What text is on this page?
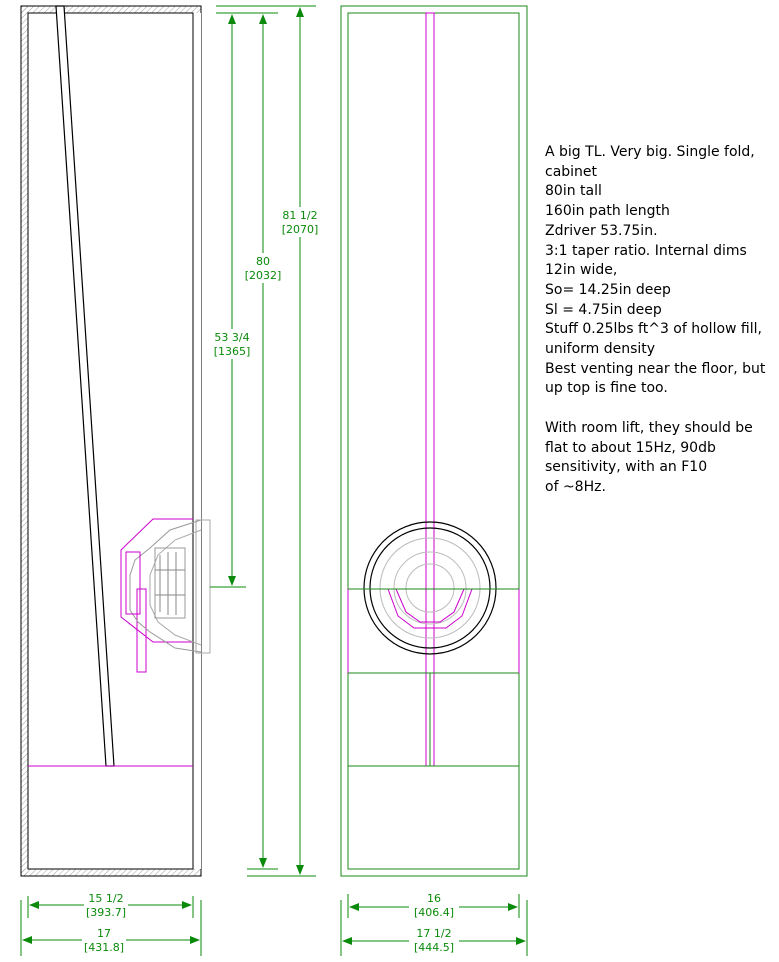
53 3/4
[1365]
80
[2032]
81 1/2
[2070]
15 1/2
[393.7]
17
[431.8]
16
[406.4]
17 1/2
[444.5]
A big TL. Very big. Single fold,
cabinet
80in tall
160in path length
Zdriver 53.75in.
3:1 taper ratio. Internal dims
12in wide,
So= 14.25in deep
Sl = 4.75in deep
Stuff 0.25lbs ft^3 of hollow fill,
uniform density
Best venting near the floor, but
up top is fine too.
With room lift, they should be
flat to about 15Hz, 90db
sensitivity, with an F10
of ~8Hz.
